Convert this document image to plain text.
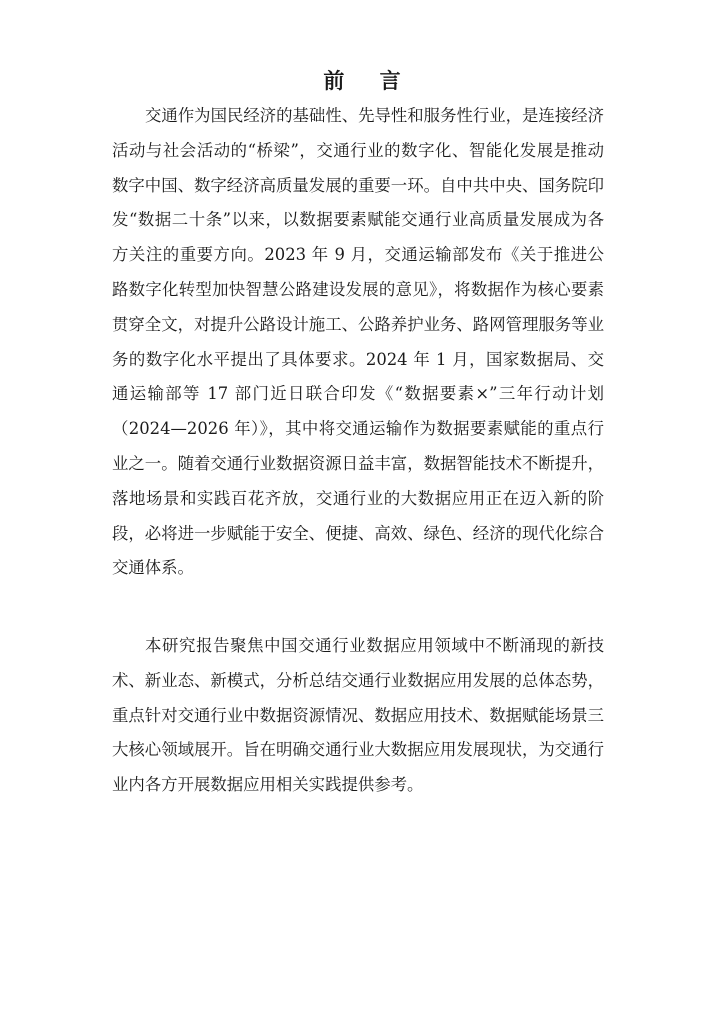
前 言

交通作为国民经济的基础性、先导性和服务性行业，是连接经济活动与社会活动的“桥梁”，交通行业的数字化、智能化发展是推动数字中国、数字经济高质量发展的重要一环。自中共中央、国务院印发“数据二十条”以来，以数据要素赋能交通行业高质量发展成为各方关注的重要方向。2023 年 9 月，交通运输部发布《关于推进公路数字化转型加快智慧公路建设发展的意见》，将数据作为核心要素贯穿全文，对提升公路设计施工、公路养护业务、路网管理服务等业务的数字化水平提出了具体要求。2024 年 1 月，国家数据局、交通运输部等 17 部门近日联合印发《“数据要素×”三年行动计划（2024—2026 年）》，其中将交通运输作为数据要素赋能的重点行业之一。随着交通行业数据资源日益丰富，数据智能技术不断提升，落地场景和实践百花齐放，交通行业的大数据应用正在迈入新的阶段，必将进一步赋能于安全、便捷、高效、绿色、经济的现代化综合交通体系。

本研究报告聚焦中国交通行业数据应用领域中不断涌现的新技术、新业态、新模式，分析总结交通行业数据应用发展的总体态势，重点针对交通行业中数据资源情况、数据应用技术、数据赋能场景三大核心领域展开。旨在明确交通行业大数据应用发展现状，为交通行业内各方开展数据应用相关实践提供参考。
